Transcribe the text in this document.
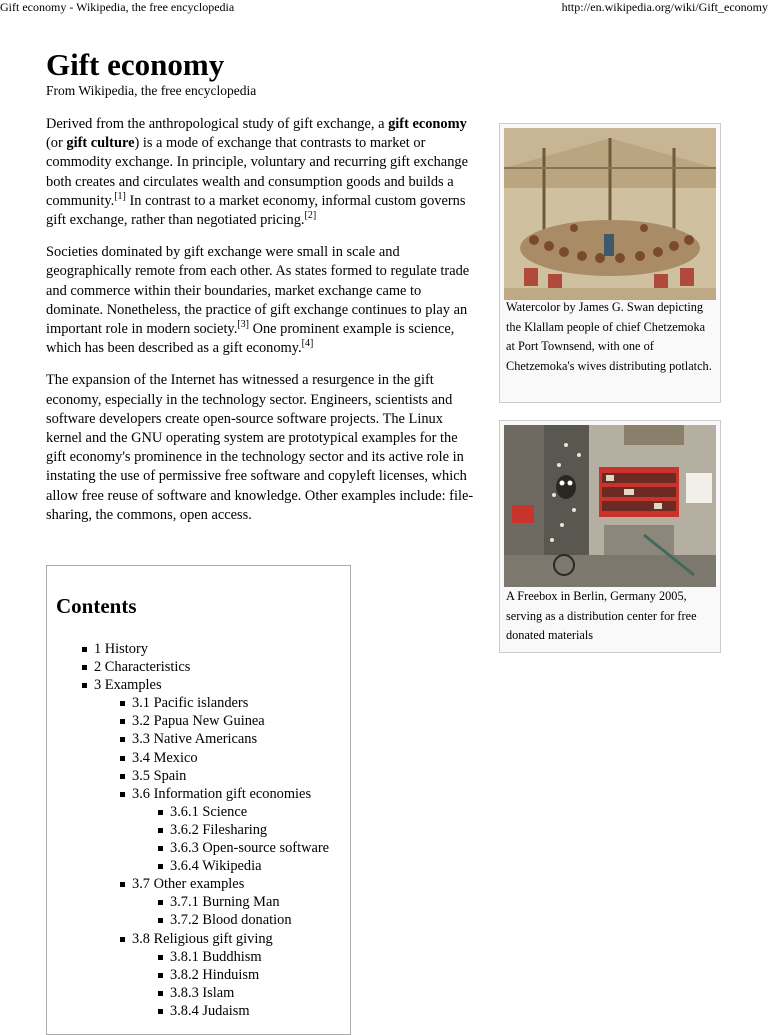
Gift economy - Wikipedia, the free encyclopedia	http://en.wikipedia.org/wiki/Gift_economy
Gift economy
From Wikipedia, the free encyclopedia

Derived from the anthropological study of gift exchange, a gift economy (or gift culture) is a mode of exchange that contrasts to market or commodity exchange. In principle, voluntary and recurring gift exchange both creates and circulates wealth and consumption goods and builds a community.[1] In contrast to a market economy, informal custom governs gift exchange, rather than negotiated pricing.[2]

Societies dominated by gift exchange were small in scale and geographically remote from each other. As states formed to regulate trade and commerce within their boundaries, market exchange came to dominate. Nonetheless, the practice of gift exchange continues to play an important role in modern society.[3] One prominent example is science, which has been described as a gift economy.[4]

The expansion of the Internet has witnessed a resurgence in the gift economy, especially in the technology sector. Engineers, scientists and software developers create open-source software projects. The Linux kernel and the GNU operating system are prototypical examples for the gift economy's prominence in the technology sector and its active role in instating the use of permissive free software and copyleft licenses, which allow free reuse of software and knowledge. Other examples include: file-sharing, the commons, open access.

Contents
1 History
2 Characteristics
3 Examples
3.1 Pacific islanders
3.2 Papua New Guinea
3.3 Native Americans
3.4 Mexico
3.5 Spain
3.6 Information gift economies
3.6.1 Science
3.6.2 Filesharing
3.6.3 Open-source software
3.6.4 Wikipedia
3.7 Other examples
3.7.1 Burning Man
3.7.2 Blood donation
3.8 Religious gift giving
3.8.1 Buddhism
3.8.2 Hinduism
3.8.3 Islam
3.8.4 Judaism
Watercolor by James G. Swan depicting the Klallam people of chief Chetzemoka at Port Townsend, with one of Chetzemoka's wives distributing potlatch.
A Freebox in Berlin, Germany 2005, serving as a distribution center for free donated materials
